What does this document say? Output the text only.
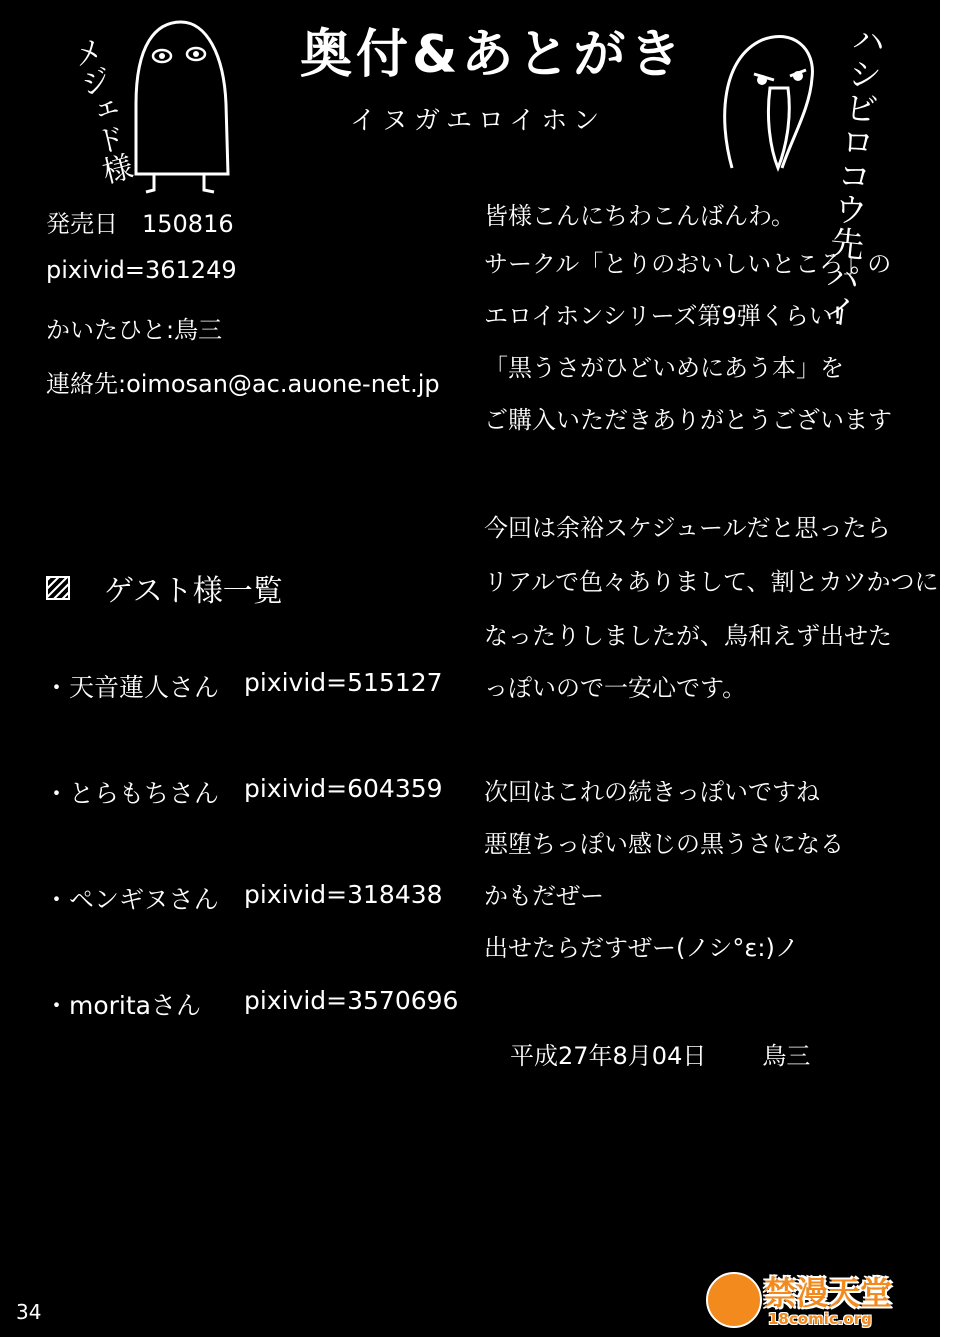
奥付&あとがき
イヌガエロイホン
メジェド様	ハシビロコウ先パイ
発売日　150816
pixivid=361249
かいたひと:鳥三
連絡先:oimosan@ac.auone-net.jp
ゲスト様一覧
・天音蓮人さん pixivid=515127
・とらもちさん pixivid=604359
・ペンギヌさん pixivid=318438
・moritaさん pixivid=3570696
皆様こんにちわこんばんわ。
サークル「とりのおいしいところ」の
エロイホンシリーズ第9弾くらい!
「黒うさがひどいめにあう本」を
ご購入いただきありがとうございます
今回は余裕スケジュールだと思ったら
リアルで色々ありまして、割とカツかつに
なったりしましたが、鳥和えず出せた
っぽいので一安心です。
次回はこれの続きっぽいですね
悪堕ちっぽい感じの黒うさになる
かもだぜー
出せたらだすぜー(ノシ°ε:)ノ
平成27年8月04日 鳥三
34	禁漫天堂
18comic.org
